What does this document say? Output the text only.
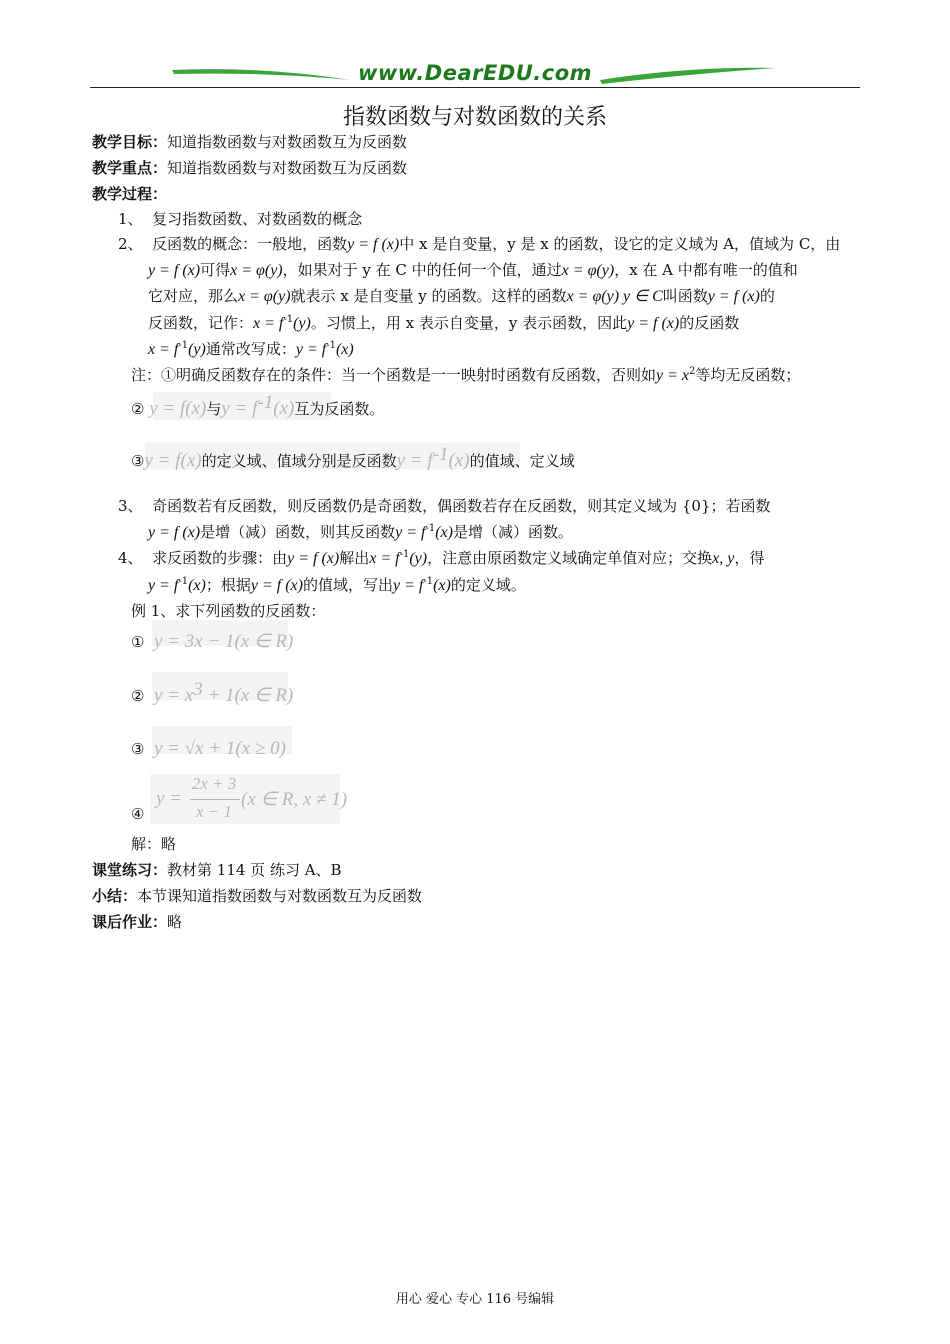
www.DearEDU.com
指数函数与对数函数的关系
教学目标：知道指数函数与对数函数互为反函数
教学重点：知道指数函数与对数函数互为反函数
教学过程：
1、 复习指数函数、对数函数的概念
2、 反函数的概念：一般地，函数y = f (x)中 x 是自变量，y 是 x 的函数，设它的定义域为 A，值域为 C，由
y = f (x)可得x = φ(y)，如果对于 y 在 C 中的任何一个值，通过x = φ(y)，x 在 A 中都有唯一的值和
它对应，那么x = φ(y)就表示 x 是自变量 y 的函数。这样的函数x = φ(y) y ∈ C叫函数y = f (x)的
反函数，记作：$x = f^{-1}(y)$。习惯上，用 x 表示自变量，y 表示函数，因此y = f (x)的反函数
$x = f^{-1}(y)$通常改写成：$y = f^{-1}(x)$
注：①明确反函数存在的条件：当一个函数是一一映射时函数有反函数，否则如$y = x^2$等均无反函数；
② y = f(x)与$y = f^{-1}(x)$互为反函数。
③y = f(x)的定义域、值域分别是反函数$y = f^{-1}(x)$的值域、定义域
3、 奇函数若有反函数，则反函数仍是奇函数，偶函数若存在反函数，则其定义域为 {0}；若函数
y = f (x)是增（减）函数，则其反函数$y = f^{-1}(x)$是增（减）函数。
4、 求反函数的步骤：由y = f (x)解出$x = f^{-1}(y)$，注意由原函数定义域确定单值对应；交换x, y，得
$y = f^{-1}(x)$；根据y = f (x)的值域，写出$y = f^{-1}(x)$的定义域。
例 1、求下列函数的反函数：
① y = 3x − 1(x ∈ R)
② $y = x^3 + 1(x$ ∈ R)
③ y = √x + 1(x ≥ 0)
④
y =
2x + 3
x − 1
(x ∈ R, x ≠ 1)
解：略
课堂练习：教材第 114 页 练习 A、B
小结：本节课知道指数函数与对数函数互为反函数
课后作业：略
用心 爱心 专心 116 号编辑
